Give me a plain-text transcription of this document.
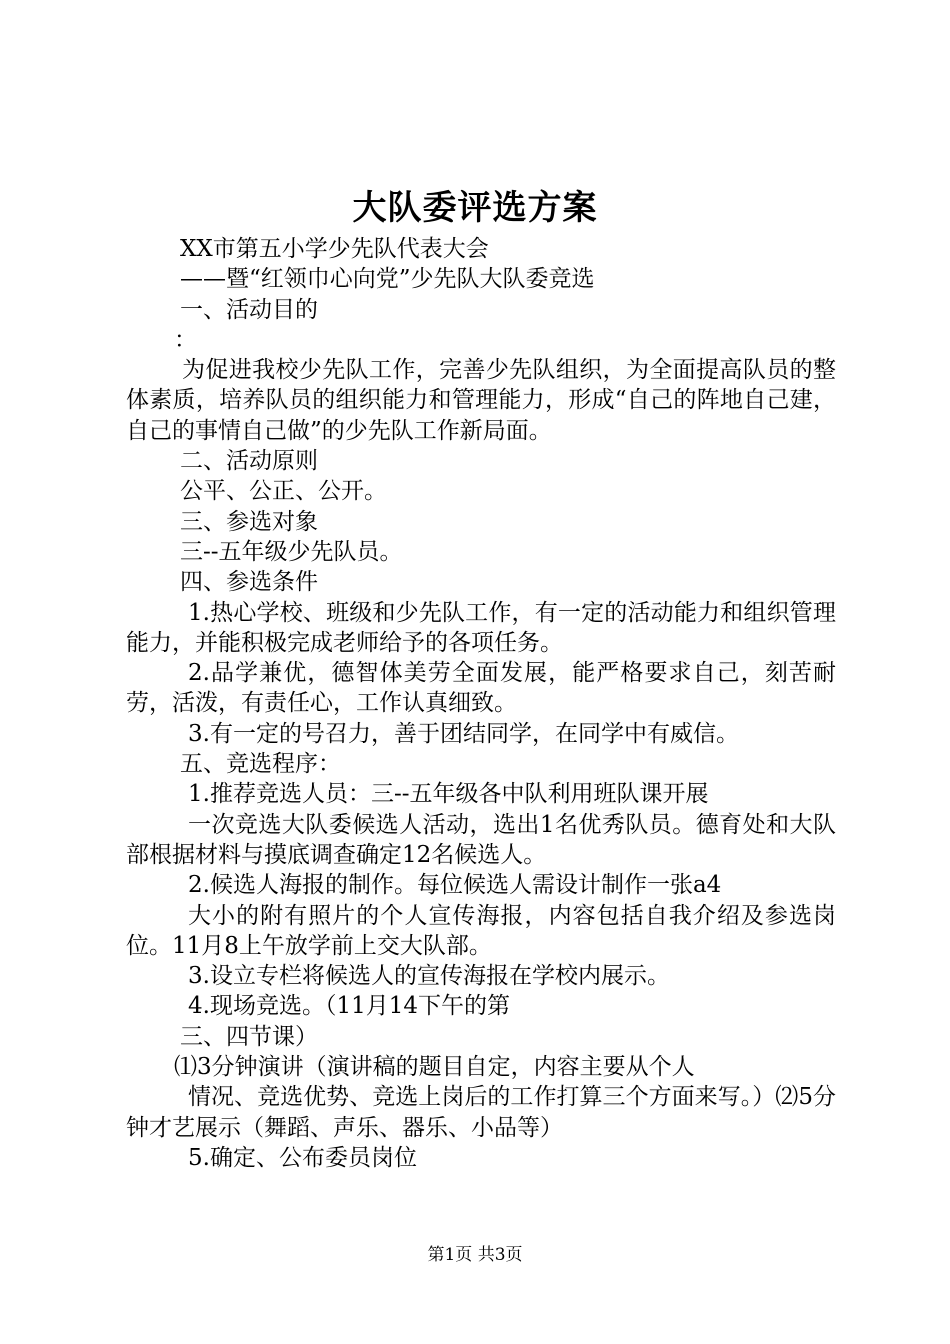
大队委评选方案
XX市第五小学少先队代表大会
——暨“红领巾心向党”少先队大队委竞选
一、活动目的
：
为促进我校少先队工作，完善少先队组织，为全面提高队员的整体素质，培养队员的组织能力和管理能力，形成“自己的阵地自己建，自己的事情自己做”的少先队工作新局面。
二、活动原则
公平、公正、公开。
三、参选对象
三--五年级少先队员。
四、参选条件
1.热心学校、班级和少先队工作，有一定的活动能力和组织管理能力，并能积极完成老师给予的各项任务。
2.品学兼优，德智体美劳全面发展，能严格要求自己，刻苦耐劳，活泼，有责任心，工作认真细致。
3.有一定的号召力，善于团结同学，在同学中有威信。
五、竞选程序：
1.推荐竞选人员：三--五年级各中队利用班队课开展
一次竞选大队委候选人活动，选出1名优秀队员。德育处和大队部根据材料与摸底调查确定12名候选人。
2.候选人海报的制作。每位候选人需设计制作一张a4
大小的附有照片的个人宣传海报，内容包括自我介绍及参选岗位。11月8上午放学前上交大队部。
3.设立专栏将候选人的宣传海报在学校内展示。
4.现场竞选。（11月14下午的第
三、四节课）
⑴3分钟演讲（演讲稿的题目自定，内容主要从个人
情况、竞选优势、竞选上岗后的工作打算三个方面来写。）⑵5分钟才艺展示（舞蹈、声乐、器乐、小品等）
5.确定、公布委员岗位
第1页 共3页
